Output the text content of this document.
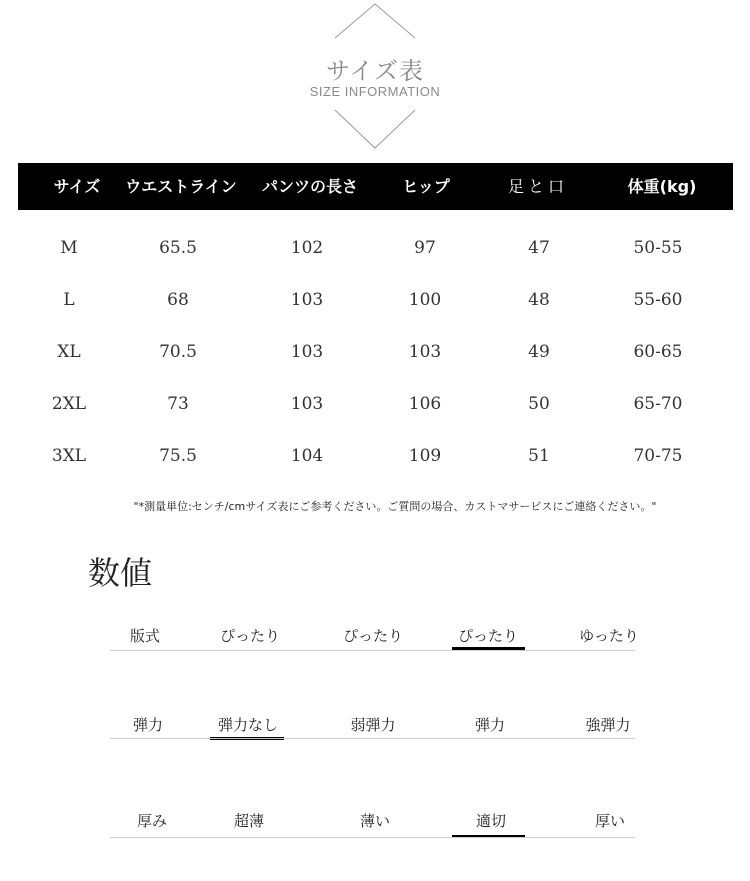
サイズ表
SIZE INFORMATION
サイズ ウエストライン パンツの長さ	ヒップ	足と口	体重(kg)
M	65.5	102	97	47	50-55
L	68	103	100	48	55-60
XL	70.5	103	103	49	60-65
2XL	73	103	106	50	65-70
3XL	75.5	104	109	51	70-75
"*測量単位:センチ/cmサイズ表にご参考ください。ご質問の場合、カストマサービスにご連絡ください。"
数値
版式	ぴったり	ぴったり	ぴったり	ゆったり
弾力	弾力なし	弱弾力	弾力	強弾力
厚み	超薄	薄い	適切	厚い
